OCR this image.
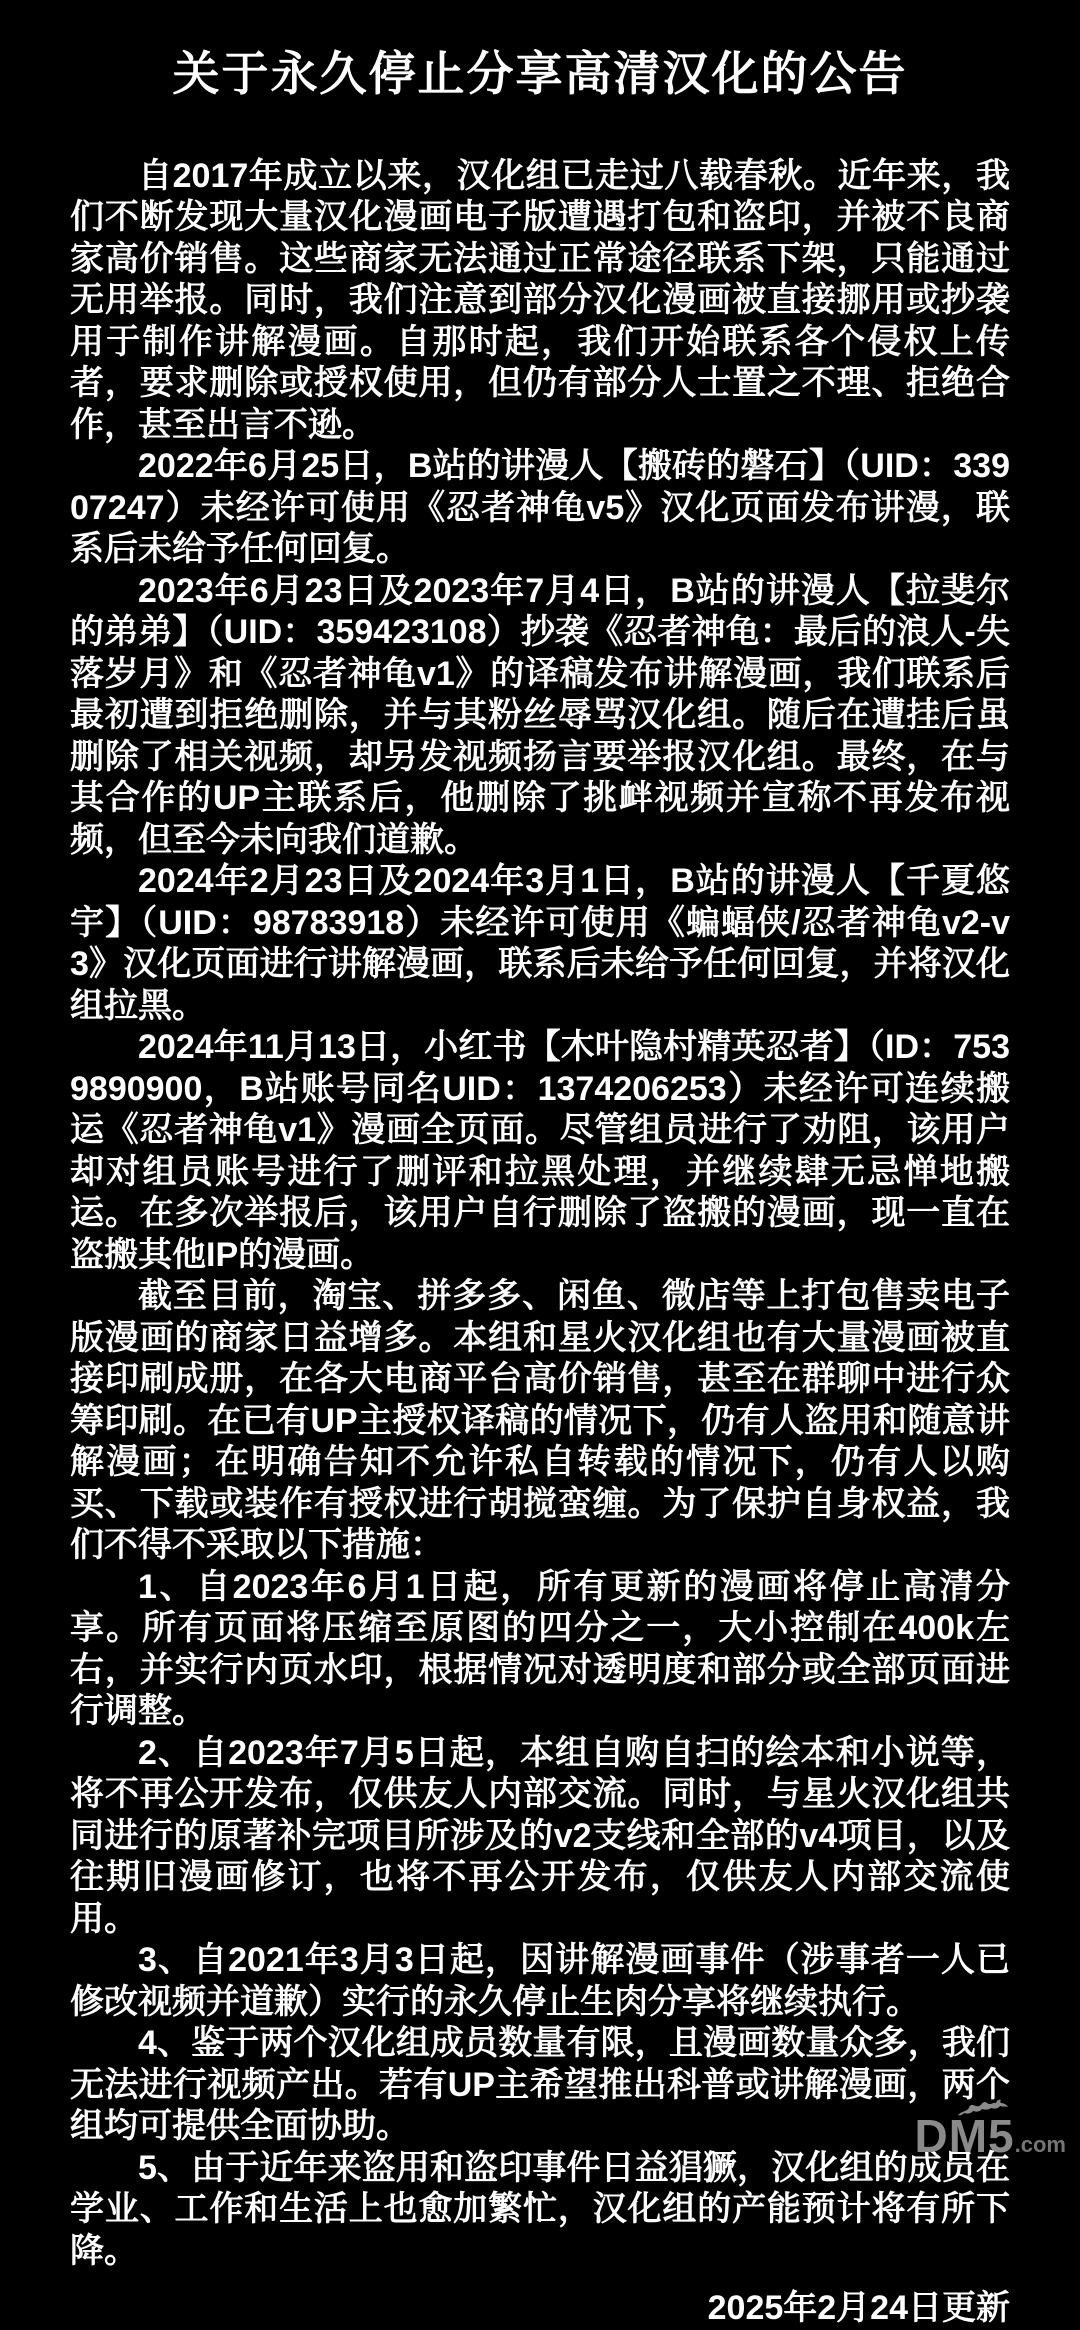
关于永久停止分享高清汉化的公告

自2017年成立以来，汉化组已走过八载春秋。近年来，我们不断发现大量汉化漫画电子版遭遇打包和盗印，并被不良商家高价销售。这些商家无法通过正常途径联系下架，只能通过无用举报。同时，我们注意到部分汉化漫画被直接挪用或抄袭用于制作讲解漫画。自那时起，我们开始联系各个侵权上传者，要求删除或授权使用，但仍有部分人士置之不理、拒绝合作，甚至出言不逊。

2022年6月25日，B站的讲漫人【搬砖的磐石】（UID：33907247）未经许可使用《忍者神龟v5》汉化页面发布讲漫，联系后未给予任何回复。

2023年6月23日及2023年7月4日，B站的讲漫人【拉斐尔的弟弟】（UID：359423108）抄袭《忍者神龟：最后的浪人-失落岁月》和《忍者神龟v1》的译稿发布讲解漫画，我们联系后最初遭到拒绝删除，并与其粉丝辱骂汉化组。随后在遭挂后虽删除了相关视频，却另发视频扬言要举报汉化组。最终，在与其合作的UP主联系后，他删除了挑衅视频并宣称不再发布视频，但至今未向我们道歉。

2024年2月23日及2024年3月1日，B站的讲漫人【千夏悠宇】（UID：98783918）未经许可使用《蝙蝠侠/忍者神龟v2-v3》汉化页面进行讲解漫画，联系后未给予任何回复，并将汉化组拉黑。

2024年11月13日，小红书【木叶隐村精英忍者】（ID：7539890900，B站账号同名UID：1374206253）未经许可连续搬运《忍者神龟v1》漫画全页面。尽管组员进行了劝阻，该用户却对组员账号进行了删评和拉黑处理，并继续肆无忌惮地搬运。在多次举报后，该用户自行删除了盗搬的漫画，现一直在盗搬其他IP的漫画。

截至目前，淘宝、拼多多、闲鱼、微店等上打包售卖电子版漫画的商家日益增多。本组和星火汉化组也有大量漫画被直接印刷成册，在各大电商平台高价销售，甚至在群聊中进行众筹印刷。在已有UP主授权译稿的情况下，仍有人盗用和随意讲解漫画；在明确告知不允许私自转载的情况下，仍有人以购买、下载或装作有授权进行胡搅蛮缠。为了保护自身权益，我们不得不采取以下措施：

1、自2023年6月1日起，所有更新的漫画将停止高清分享。所有页面将压缩至原图的四分之一，大小控制在400k左右，并实行内页水印，根据情况对透明度和部分或全部页面进行调整。

2、自2023年7月5日起，本组自购自扫的绘本和小说等，将不再公开发布，仅供友人内部交流。同时，与星火汉化组共同进行的原著补完项目所涉及的v2支线和全部的v4项目，以及往期旧漫画修订，也将不再公开发布，仅供友人内部交流使用。

3、自2021年3月3日起，因讲解漫画事件（涉事者一人已修改视频并道歉）实行的永久停止生肉分享将继续执行。

4、鉴于两个汉化组成员数量有限，且漫画数量众多，我们无法进行视频产出。若有UP主希望推出科普或讲解漫画，两个组均可提供全面协助。

5、由于近年来盗用和盗印事件日益猖獗，汉化组的成员在学业、工作和生活上也愈加繁忙，汉化组的产能预计将有所下降。

2025年2月24日更新
DM5.com
